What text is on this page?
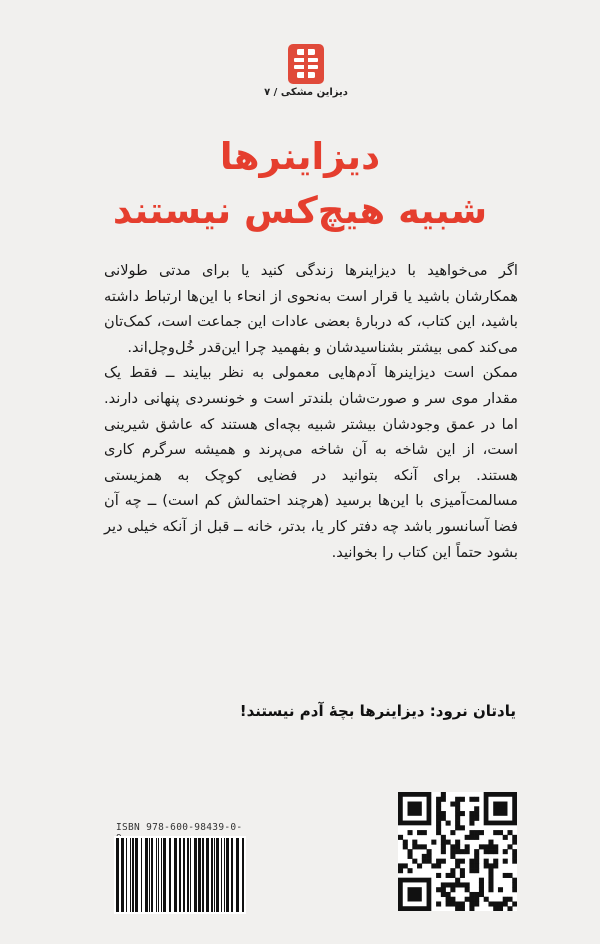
دیزاین مشکی / ۷
دیزاینرها
شبیه هیچ‌کس نیستند

اگر می‌خواهید با دیزاینرها زندگی کنید یا برای مدتی طولانی همکارشان باشید یا قرار است به‌نحوی از انحاء با این‌ها ارتباط داشته باشید، این کتاب، که دربارهٔ بعضی عادات این جماعت است، کمک‌تان می‌کند کمی بیشتر بشناسیدشان و بفهمید چرا این‌قدر خُل‌وچل‌اند.

ممکن است دیزاینرها آدم‌هایی معمولی به نظر بیایند ــ فقط یک مقدار موی سر و صورت‌شان بلندتر است و خونسردی پنهانی دارند. اما در عمق وجودشان بیشتر شبیه بچه‌ای هستند که عاشق شیرینی است، از این شاخه به آن شاخه می‌پرند و همیشه سرگرم کاری هستند. برای آنکه بتوانید در فضایی کوچک به همزیستی مسالمت‌آمیزی با این‌ها برسید (هرچند احتمالش کم است) ــ چه آن فضا آسانسور باشد چه دفتر کار یا، بدتر، خانه ــ قبل از آنکه خیلی دیر بشود حتماً این کتاب را بخوانید.

یادتان نرود: دیزاینرها بچهٔ آدم نیستند!
ISBN 978-600-98439-0-
